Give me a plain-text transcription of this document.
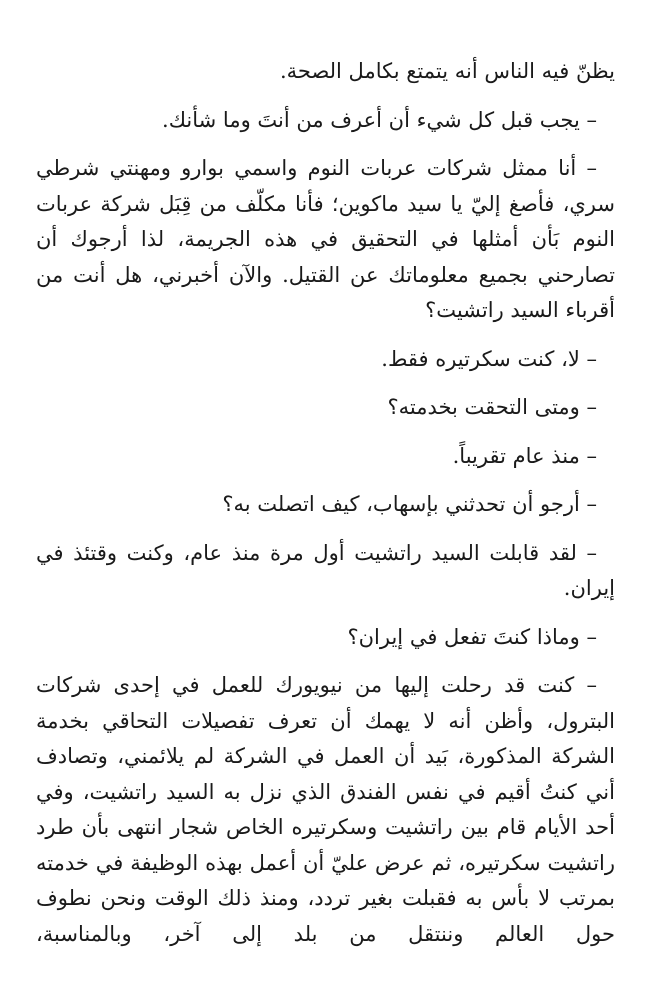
يظنّ فيه الناس أنه يتمتع بكامل الصحة.

– يجب قبل كل شيء أن أعرف من أنتَ وما شأنك.

– أنا ممثل شركات عربات النوم واسمي بوارو ومهنتي شرطي سري، فأصغ إليّ يا سيد ماكوين؛ فأنا مكلّف من قِبَل شركة عربات النوم بَأن أمثلها في التحقيق في هذه الجريمة، لذا أرجوك أن تصارحني بجميع معلوماتك عن القتيل. والآن أخبرني، هل أنت من أقرباء السيد راتشيت؟

– لا، كنت سكرتيره فقط.

– ومتى التحقت بخدمته؟

– منذ عام تقريباً.

– أرجو أن تحدثني بإسهاب، كيف اتصلت به؟

– لقد قابلت السيد راتشيت أول مرة منذ عام، وكنت وقتئذ في إيران.

– وماذا كنتَ تفعل في إيران؟

– كنت قد رحلت إليها من نيويورك للعمل في إحدى شركات البترول، وأظن أنه لا يهمك أن تعرف تفصيلات التحاقي بخدمة الشركة المذكورة، بَيد أن العمل في الشركة لم يلائمني، وتصادف أني كنتُ أقيم في نفس الفندق الذي نزل به السيد راتشيت، وفي أحد الأيام قام بين راتشيت وسكرتيره الخاص شجار انتهى بأن طرد راتشيت سكرتيره، ثم عرض عليّ أن أعمل بهذه الوظيفة في خدمته بمرتب لا بأس به فقبلت بغير تردد، ومنذ ذلك الوقت ونحن نطوف حول العالم وننتقل من بلد إلى آخر، وبالمناسبة،
